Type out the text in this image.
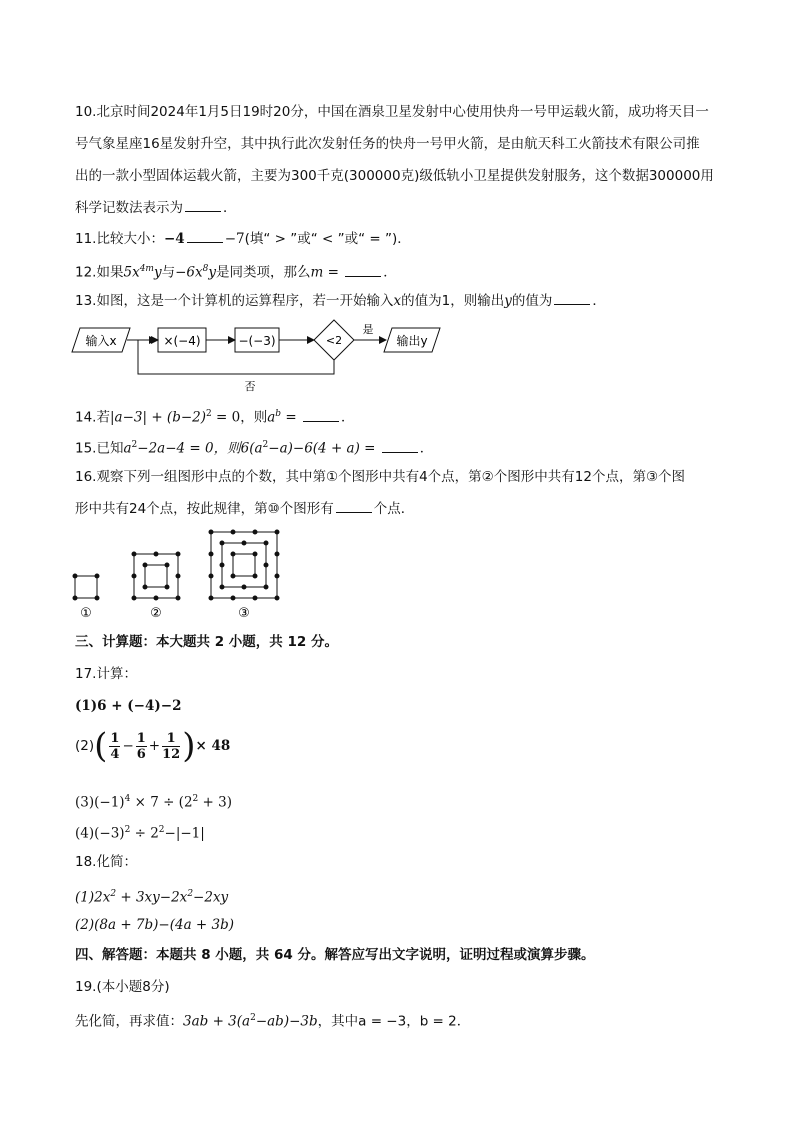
10.北京时间2024年1月5日19时20分，中国在酒泉卫星发射中心使用快舟一号甲运载火箭，成功将天目一
号气象星座16星发射升空，其中执行此次发射任务的快舟一号甲火箭，是由航天科工火箭技术有限公司推
出的一款小型固体运载火箭，主要为300千克(300000克)级低轨小卫星提供发射服务，这个数据300000用
科学记数法表示为	．
11.比较大小：−4	−7(填“ > ”或“ < ”或“ = ”)．
12.如果$5x^{4m}y$与$-6x^8y$是同类项，那么m =	．
13.如图，这是一个计算机的运算程序，若一开始输入x的值为1，则输出y的值为	．
输入x	×(−4)	−(−3)	<2
是
输出y
否
14.若$|a-3| + (b-2)^2 = 0$，则$a^b$ =	．
15.已知$a^2-2a-4 = 0$，则$6(a^2-a)-6(4 + a)$ =	．
16.观察下列一组图形中点的个数，其中第①个图形中共有4个点，第②个图形中共有12个点，第③个图
形中共有24个点，按此规律，第⑩个图形有	个点．
①	②	③
三、计算题：本大题共 2 小题，共 12 分。
17.计算：
(1)6 + (−4)−2
$(2)( \frac{1}{4} - \frac{1}{6} + \frac{1}{12}$ )× 48
$(3)(-1)^4 \times 7 \div (2^2 + 3)$
$(4)(-3)^2 \div 2^2-|-1|$
18.化简：
$(1)2x^2 + 3xy-2x^2-2xy$
(2)(8a + 7b)−(4a + 3b)
四、解答题：本题共 8 小题，共 64 分。解答应写出文字说明，证明过程或演算步骤。
19.(本小题8分)
先化简，再求值：$3ab + 3(a^2-ab)-3b$，其中a = −3，b = 2．
